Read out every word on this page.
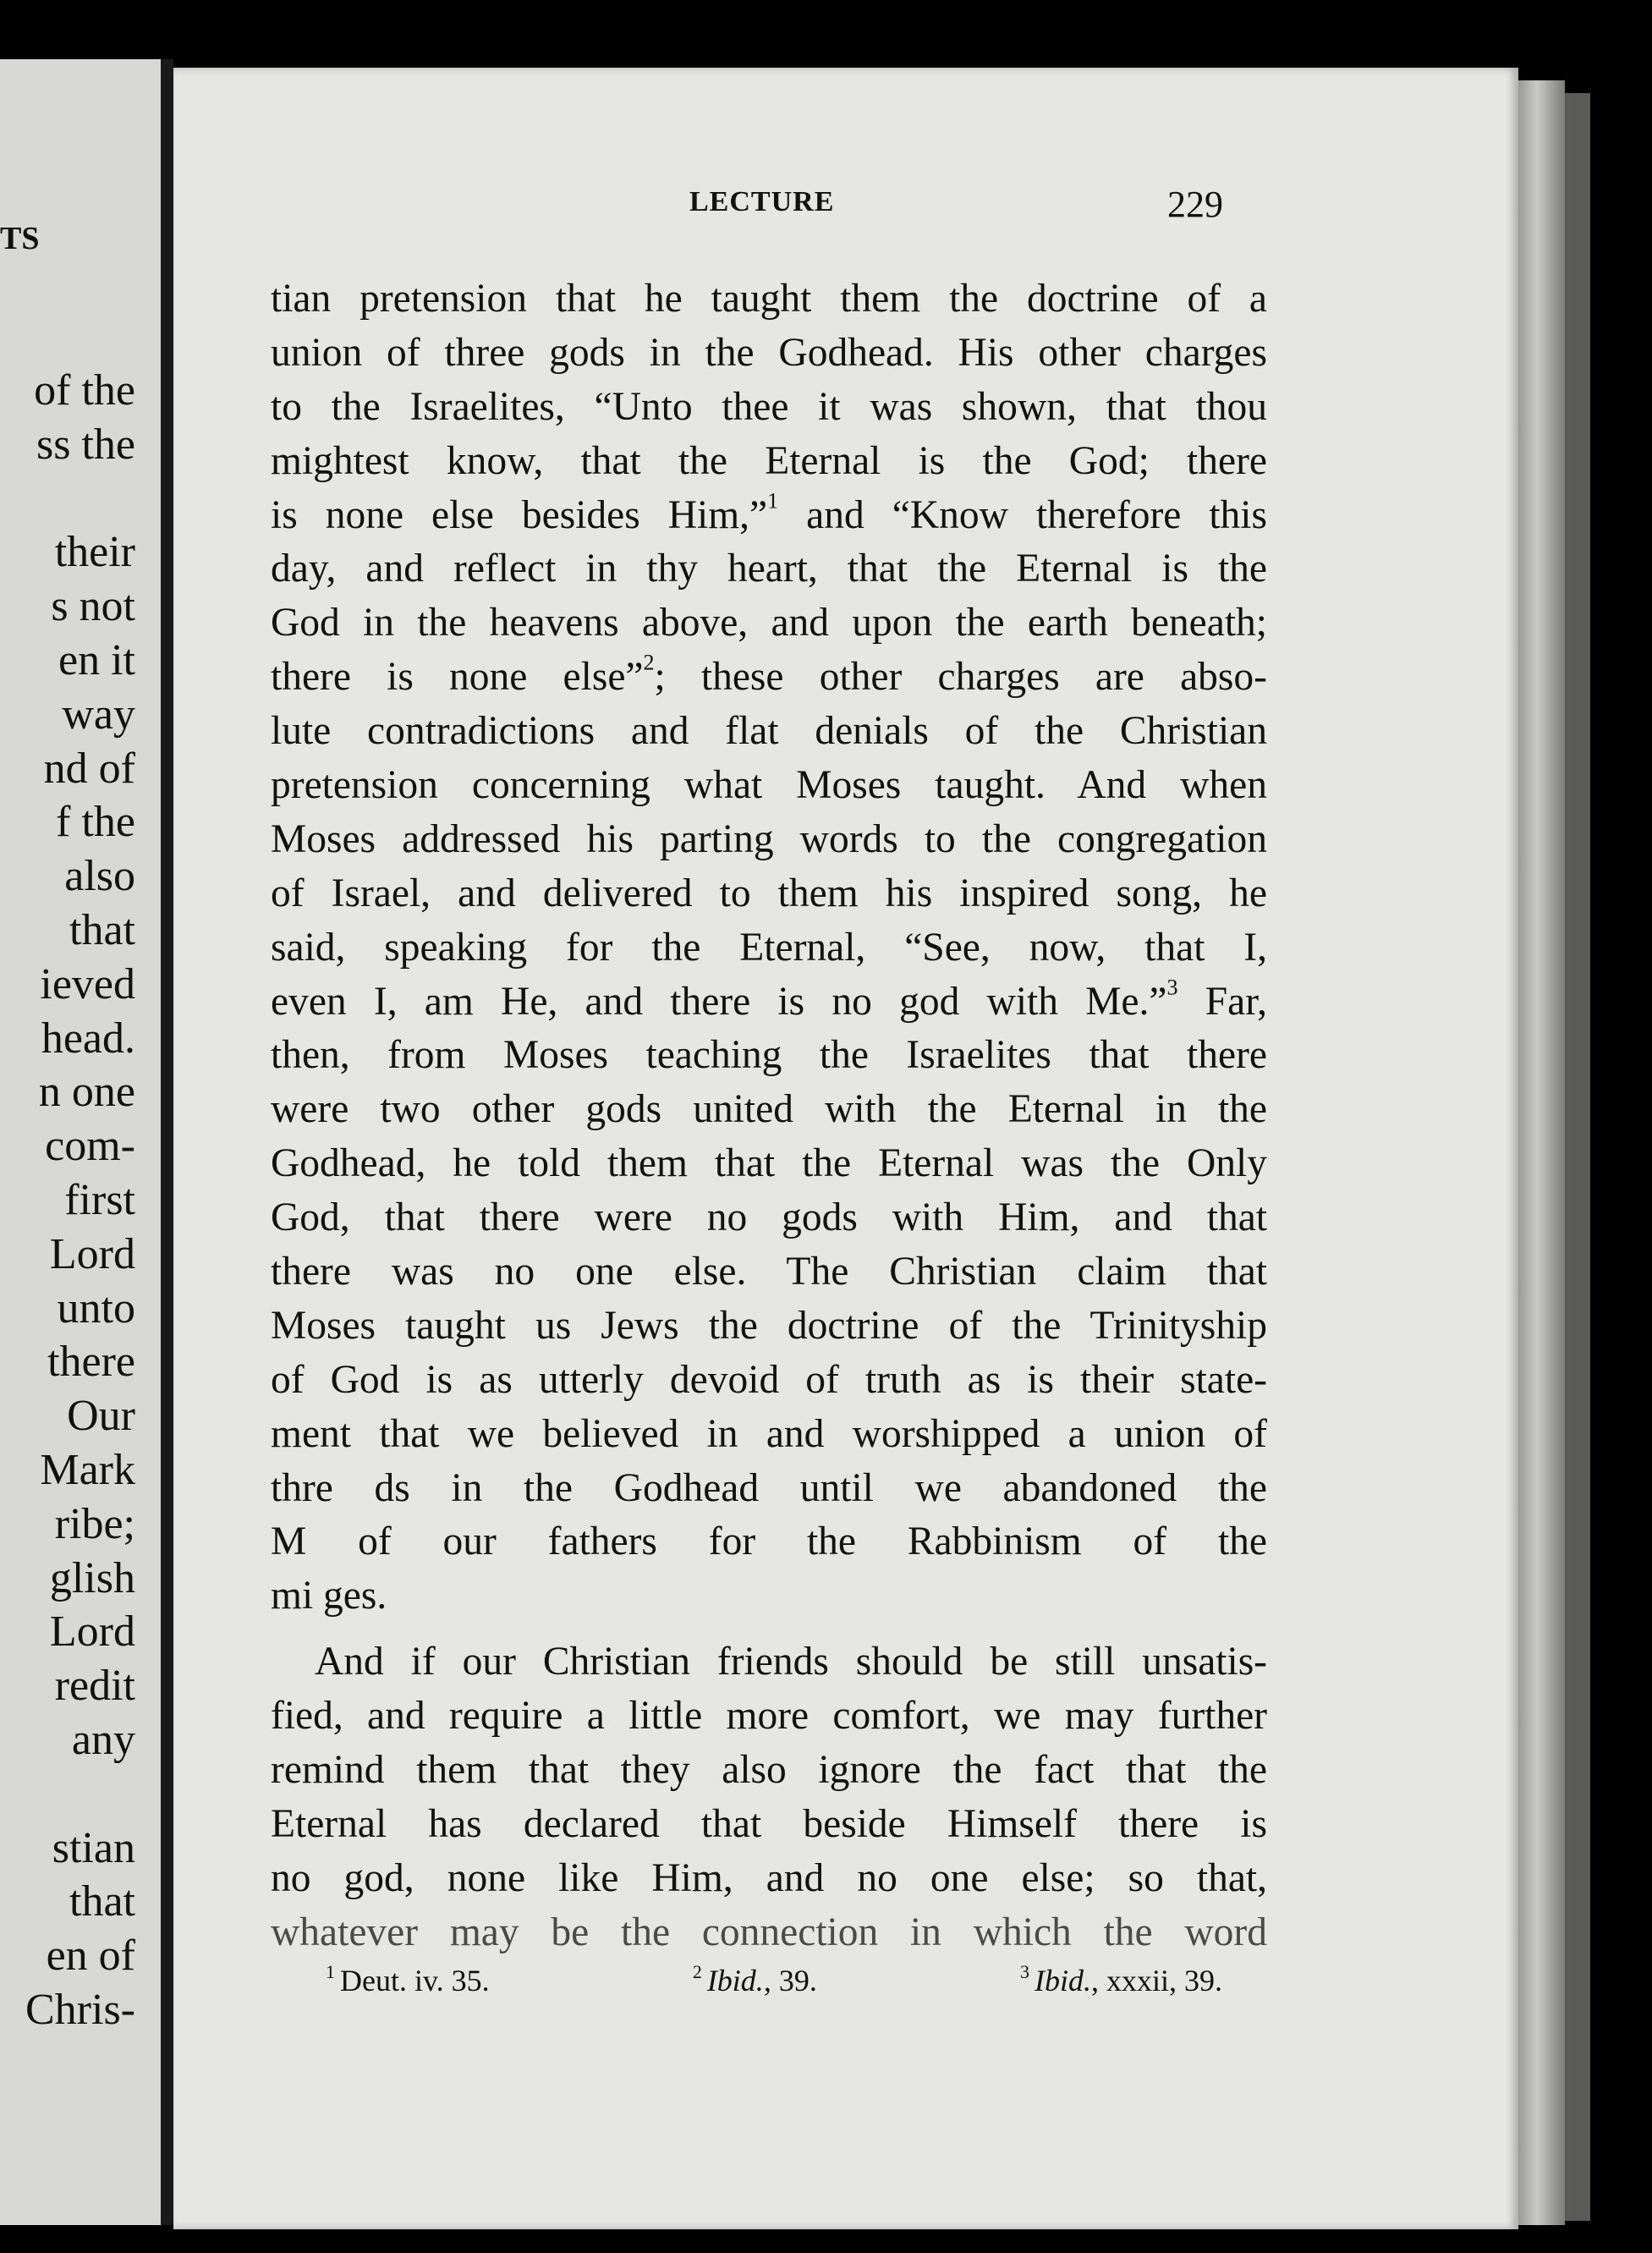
TS
of the
ss the
their
s not
en it
way
nd of
f the
also
that
ieved
head.
n one
com-
first
Lord
unto
there
Our
Mark
ribe;
glish
Lord
redit
any
stian
that
en of
Chris-
LECTURE	229
tian pretension that he taught them the doctrine of a
union of three gods in the Godhead. His other charges
to the Israelites, “Unto thee it was shown, that thou
mightest know, that the Eternal is the God; there
is none else besides Him,”$^1$ and “Know therefore this
day, and reflect in thy heart, that the Eternal is the
God in the heavens above, and upon the earth beneath;
there is none else”$^2$; these other charges are abso-
lute contradictions and flat denials of the Christian
pretension concerning what Moses taught. And when
Moses addressed his parting words to the congregation
of Israel, and delivered to them his inspired song, he
said, speaking for the Eternal, “See, now, that I,
even I, am He, and there is no god with Me.”$^3$ Far,
then, from Moses teaching the Israelites that there
were two other gods united with the Eternal in the
Godhead, he told them that the Eternal was the Only
God, that there were no gods with Him, and that
there was no one else. The Christian claim that
Moses taught us Jews the doctrine of the Trinityship
of God is as utterly devoid of truth as is their state-
ment that we believed in and worshipped a union of
thre ds in the Godhead until we abandoned the
M of our fathers for the Rabbinism of the
mi ges.
And if our Christian friends should be still unsatis-
fied, and require a little more comfort, we may further
remind them that they also ignore the fact that the
Eternal has declared that beside Himself there is
no god, none like Him, and no one else; so that,
whatever may be the connection in which the word
$^1$ Deut. iv. 35.	$^2$ Ibid., 39.	$^3$ Ibid., xxxii, 39.
